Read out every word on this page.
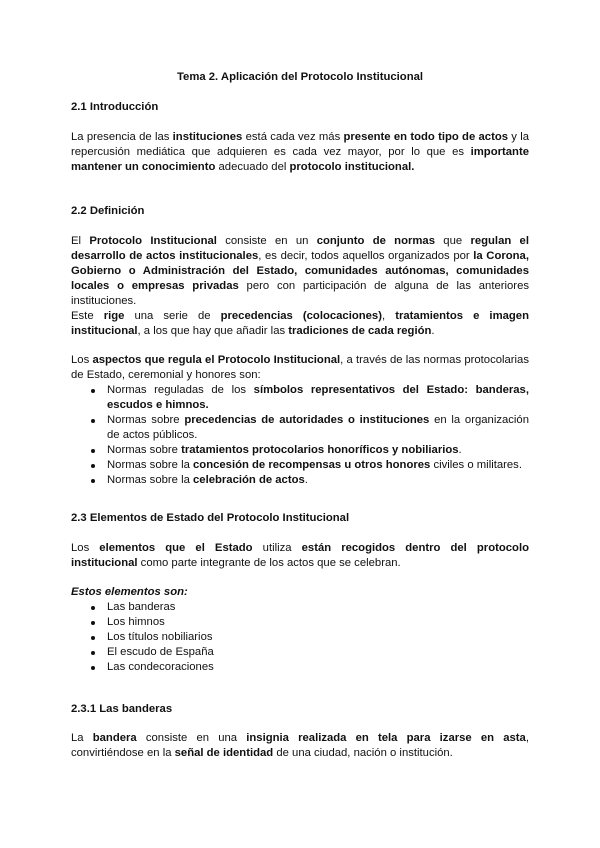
Tema 2. Aplicación del Protocolo Institucional
2.1 Introducción

La presencia de las instituciones está cada vez más presente en todo tipo de actos y la repercusión mediática que adquieren es cada vez mayor, por lo que es importante mantener un conocimiento adecuado del protocolo institucional.

2.2 Definición

El Protocolo Institucional consiste en un conjunto de normas que regulan el desarrollo de actos institucionales, es decir, todos aquellos organizados por la Corona, Gobierno o Administración del Estado, comunidades autónomas, comunidades locales o empresas privadas pero con participación de alguna de las anteriores instituciones.

Este rige una serie de precedencias (colocaciones), tratamientos e imagen institucional, a los que hay que añadir las tradiciones de cada región.

Los aspectos que regula el Protocolo Institucional, a través de las normas protocolarias de Estado, ceremonial y honores son:

Normas reguladas de los símbolos representativos del Estado: banderas, escudos e himnos.
Normas sobre precedencias de autoridades o instituciones en la organización de actos públicos.
Normas sobre tratamientos protocolarios honoríficos y nobiliarios.
Normas sobre la concesión de recompensas u otros honores civiles o militares.
Normas sobre la celebración de actos.
2.3 Elementos de Estado del Protocolo Institucional

Los elementos que el Estado utiliza están recogidos dentro del protocolo institucional como parte integrante de los actos que se celebran.

Estos elementos son:
Las banderas
Los himnos
Los títulos nobiliarios
El escudo de España
Las condecoraciones
2.3.1 Las banderas

La bandera consiste en una insignia realizada en tela para izarse en asta, convirtiéndose en la señal de identidad de una ciudad, nación o institución.
